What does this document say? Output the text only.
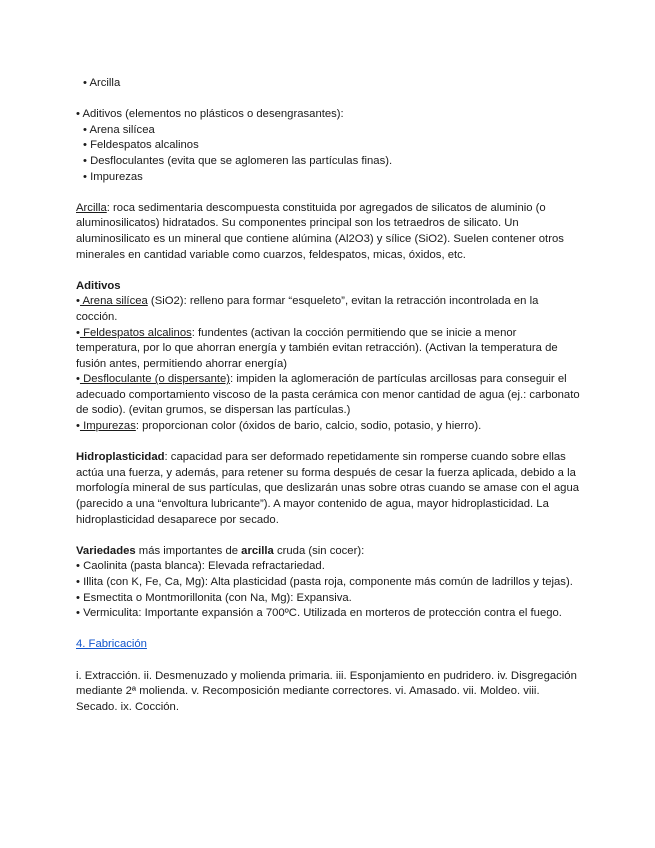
• Arcilla

• Aditivos (elementos no plásticos o desengrasantes):

• Arena silícea

• Feldespatos alcalinos

• Desfloculantes (evita que se aglomeren las partículas finas).

• Impurezas

Arcilla: roca sedimentaria descompuesta constituida por agregados de silicatos de aluminio (o aluminosilicatos) hidratados. Su componentes principal son los tetraedros de silicato. Un aluminosilicato es un mineral que contiene alúmina (Al2O3) y sílice (SiO2). Suelen contener otros minerales en cantidad variable como cuarzos, feldespatos, micas, óxidos, etc.

Aditivos

• Arena silícea (SiO2): relleno para formar “esqueleto”, evitan la retracción incontrolada en la cocción.

• Feldespatos alcalinos: fundentes (activan la cocción permitiendo que se inicie a menor temperatura, por lo que ahorran energía y también evitan retracción). (Activan la temperatura de fusión antes, permitiendo ahorrar energía)

• Desfloculante (o dispersante): impiden la aglomeración de partículas arcillosas para conseguir el adecuado comportamiento viscoso de la pasta cerámica con menor cantidad de agua (ej.: carbonato de sodio). (evitan grumos, se dispersan las partículas.)

• Impurezas: proporcionan color (óxidos de bario, calcio, sodio, potasio, y hierro).

Hidroplasticidad: capacidad para ser deformado repetidamente sin romperse cuando sobre ellas actúa una fuerza, y además, para retener su forma después de cesar la fuerza aplicada, debido a la morfología mineral de sus partículas, que deslizarán unas sobre otras cuando se amase con el agua (parecido a una “envoltura lubricante”). A mayor contenido de agua, mayor hidroplasticidad. La hidroplasticidad desaparece por secado.

Variedades más importantes de arcilla cruda (sin cocer):

• Caolinita (pasta blanca): Elevada refractariedad.

• Illita (con K, Fe, Ca, Mg): Alta plasticidad (pasta roja, componente más común de ladrillos y tejas).

• Esmectita o Montmorillonita (con Na, Mg): Expansiva.

• Vermiculita: Importante expansión a 700ºC. Utilizada en morteros de protección contra el fuego.

4. Fabricación

i. Extracción. ii. Desmenuzado y molienda primaria. iii. Esponjamiento en pudridero. iv. Disgregación mediante 2ª molienda. v. Recomposición mediante correctores. vi. Amasado. vii. Moldeo. viii. Secado. ix. Cocción.
